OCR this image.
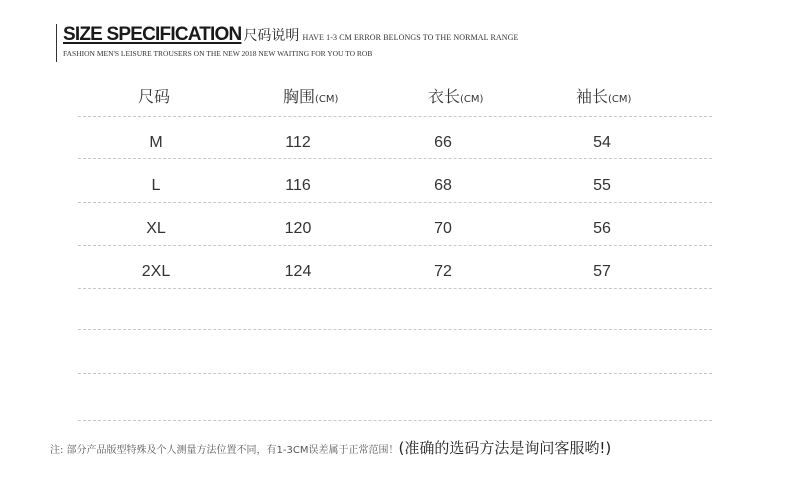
SIZE SPECIFICATION 尺码说明 HAVE 1-3 CM ERROR BELONGS TO THE NORMAL RANGE
FASHION MEN'S LEISURE TROUSERS ON THE NEW 2018 NEW WAITING FOR YOU TO ROB
尺码	胸围(CM)	衣长(CM)	袖长(CM)
M	112	66	54
L	116	68	55
XL	120	70	56
2XL	124	72	57
注: 部分产品版型特殊及个人测量方法位置不同，有1-3CM误差属于正常范围！(准确的选码方法是询问客服哟!)
